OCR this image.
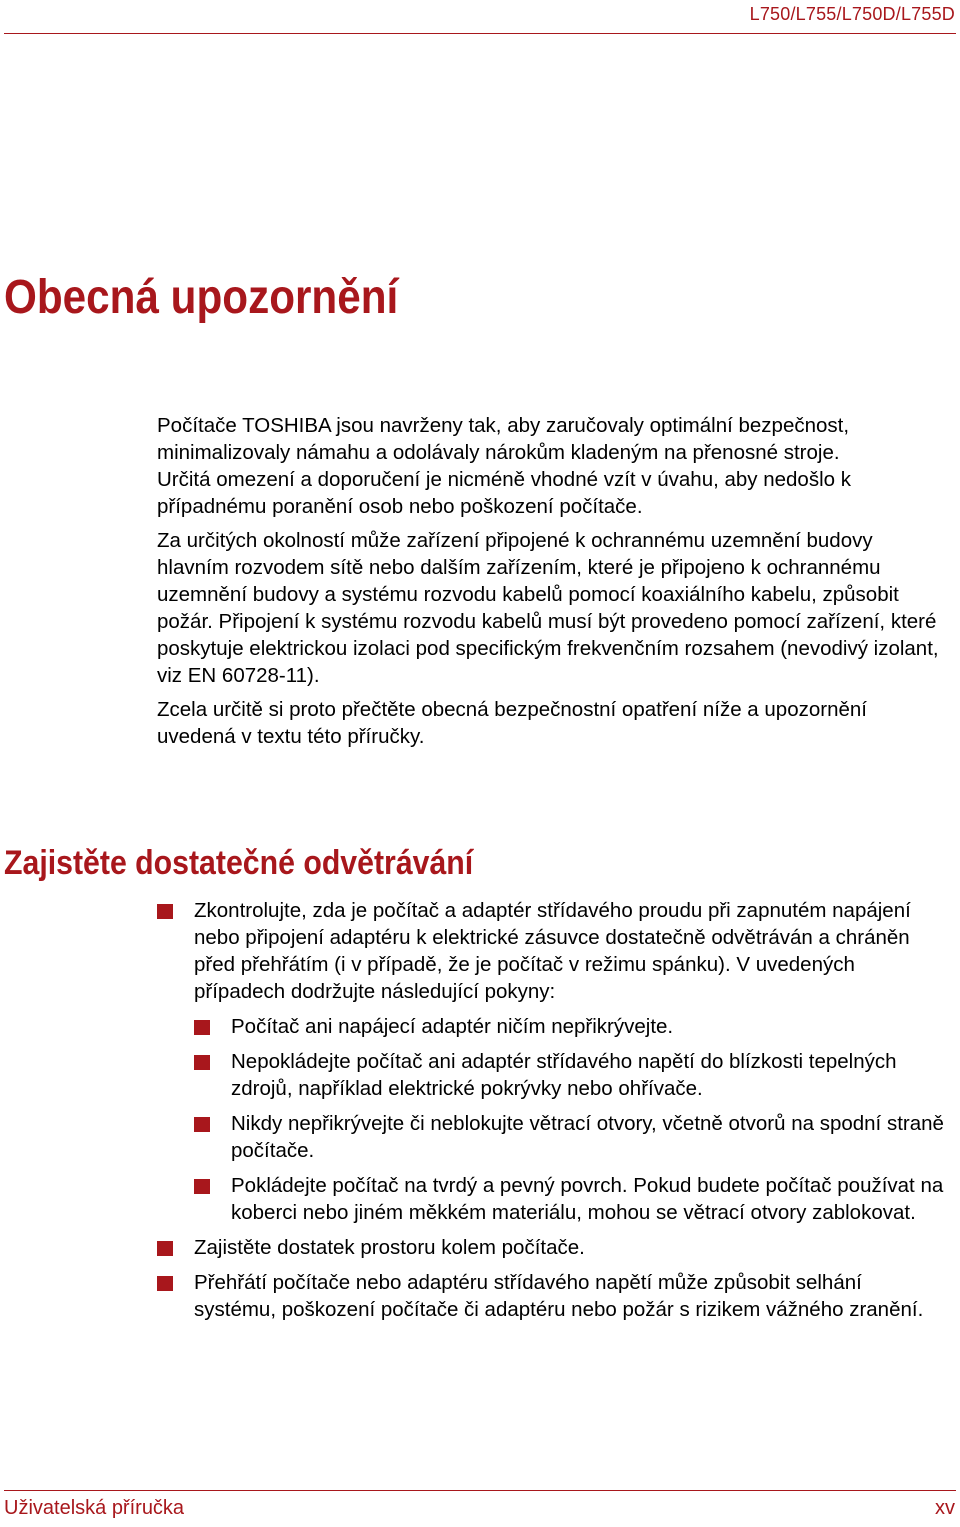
L750/L755/L750D/L755D
Obecná upozornění

Počítače TOSHIBA jsou navrženy tak, aby zaručovaly optimální bezpečnost, minimalizovaly námahu a odolávaly nárokům kladeným na přenosné stroje. Určitá omezení a doporučení je nicméně vhodné vzít v úvahu, aby nedošlo k případnému poranění osob nebo poškození počítače.

Za určitých okolností může zařízení připojené k ochrannému uzemnění budovy hlavním rozvodem sítě nebo dalším zařízením, které je připojeno k ochrannému uzemnění budovy a systému rozvodu kabelů pomocí koaxiálního kabelu, způsobit požár. Připojení k systému rozvodu kabelů musí být provedeno pomocí zařízení, které poskytuje elektrickou izolaci pod specifickým frekvenčním rozsahem (nevodivý izolant, viz EN 60728-11).

Zcela určitě si proto přečtěte obecná bezpečnostní opatření níže a upozornění uvedená v textu této příručky.

Zajistěte dostatečné odvětrávání
Zkontrolujte, zda je počítač a adaptér střídavého proudu při zapnutém napájení nebo připojení adaptéru k elektrické zásuvce dostatečně odvětráván a chráněn před přehřátím (i v případě, že je počítač v režimu spánku). V uvedených případech dodržujte následující pokyny:
Počítač ani napájecí adaptér ničím nepřikrývejte.
Nepokládejte počítač ani adaptér střídavého napětí do blízkosti tepelných zdrojů, například elektrické pokrývky nebo ohřívače.
Nikdy nepřikrývejte či neblokujte větrací otvory, včetně otvorů na spodní straně počítače.
Pokládejte počítač na tvrdý a pevný povrch. Pokud budete počítač používat na koberci nebo jiném měkkém materiálu, mohou se větrací otvory zablokovat.
Zajistěte dostatek prostoru kolem počítače.
Přehřátí počítače nebo adaptéru střídavého napětí může způsobit selhání systému, poškození počítače či adaptéru nebo požár s rizikem vážného zranění.
Uživatelská příručka	xv
